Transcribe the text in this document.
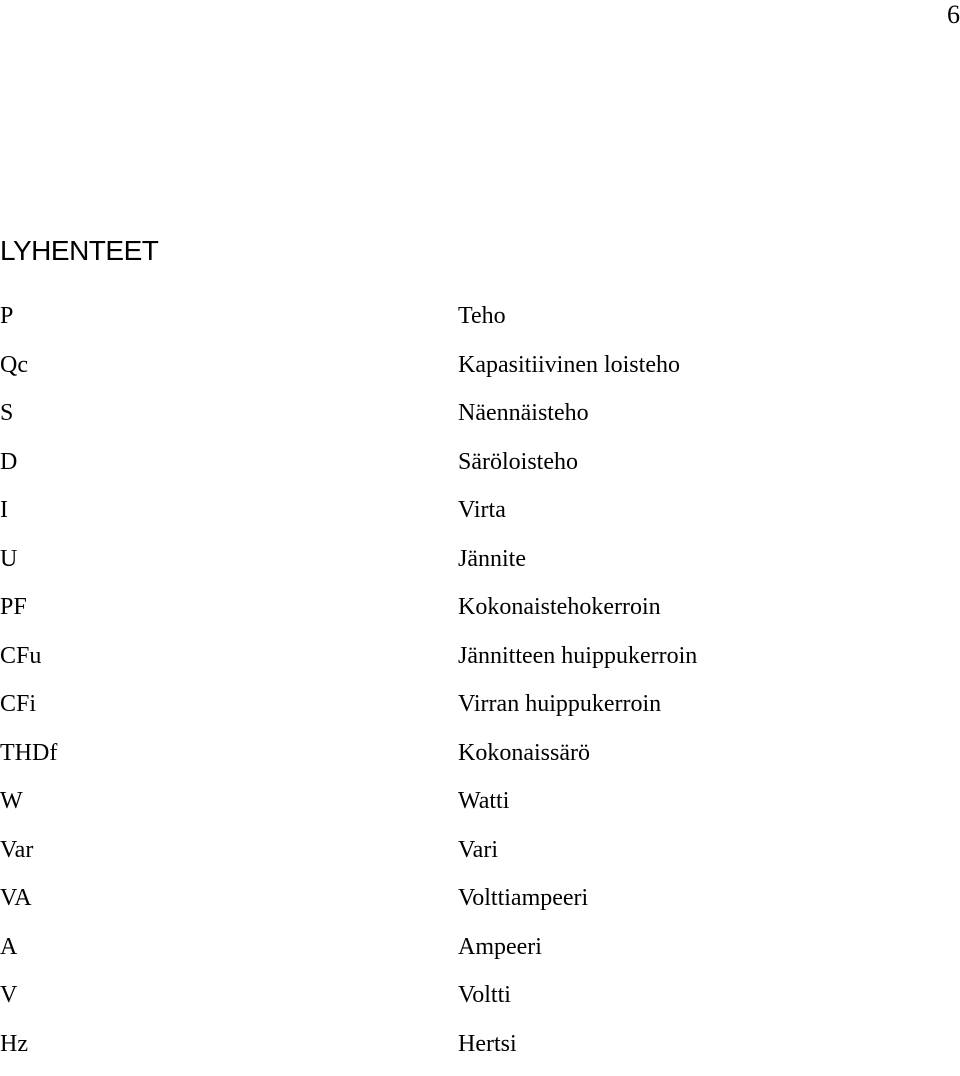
6
LYHENTEET
P	Teho
Qc	Kapasitiivinen loisteho
S	Näennäisteho
D	Säröloisteho
I	Virta
U	Jännite
PF	Kokonaistehokerroin
CFu	Jännitteen huippukerroin
CFi	Virran huippukerroin
THDf	Kokonaissärö
W	Watti
Var	Vari
VA	Volttiampeeri
A	Ampeeri
V	Voltti
Hz	Hertsi
